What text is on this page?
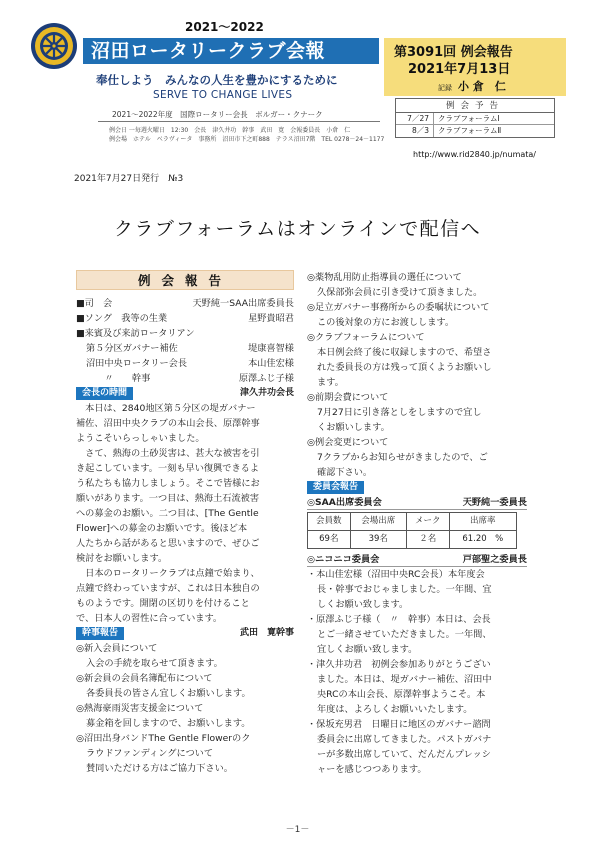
2021～2022
沼田ロータリークラブ会報
奉仕しよう　みんなの人生を豊かにするために
SERVE TO CHANGE LIVES
2021～2022年度　国際ロータリー会長　ボルガー・クナーク
例会日 一毎週火曜日　12:30　会長　津久井功　幹事　武田　寛　会報委員長　小倉　仁
例会場　ホテル　ベラヴィータ　事務所　沼田市下之町888　テラス沼田7階　TEL 0278－24－1177
第3091回 例会報告
2021年7月13日
記録 小 倉　仁
例会予告
7／27	クラブフォーラムⅠ
8／3	クラブフォーラムⅡ
http://www.rid2840.jp/numata/
2021年7月27日発行　№3
クラブフォーラムはオンラインで配信へ
例会報告
■司　会	天野純一SAA出席委員長
■ソング　我等の生業	星野貴昭君
■来賓及び来訪ロータリアン
第５分区ガバナー補佐	堤康喜智様
沼田中央ロータリー会長	本山佳宏様
　　〃　　幹事	原澤ふじ子様
会長の時間	津久井功会長
　本日は、2840地区第５分区の堤ガバナー
補佐、沼田中央クラブの本山会長、原澤幹事
ようこそいらっしゃいました。
　さて、熱海の土砂災害は、甚大な被害を引
き起こしています。一刻も早い復興できるよ
う私たちも協力しましょう。そこで皆様にお
願いがあります。一つ目は、熱海土石流被害
への募金のお願い。二つ目は、[The Gentle
Flower]への募金のお願いです。後ほど本
人たちから話があると思いますので、ぜひご
検討をお願いします。
　日本のロータリークラブは点鐘で始まり、
点鐘で終わっていますが、これは日本独自の
ものようです。開閉の区切りを付けること
で、日本人の習性に合っています。
幹事報告	武田　寛幹事
◎新入会員について
入会の手続を取らせて頂きます。
◎新会員の会員名簿配布について
各委員長の皆さん宜しくお願いします。
◎熱海豪雨災害支援金について
募金箱を回しますので、お願いします。
◎沼田出身バンドThe Gentle Flowerのク
ラウドファンディングについて
賛同いただける方はご協力下さい。
◎薬物乱用防止指導員の選任について
久保部弥会員に引き受けて頂きました。
◎足立ガバナー事務所からの委嘱状について
この後対象の方にお渡しします。
◎クラブフォーラムについて
本日例会終了後に収録しますので、希望さ
れた委員長の方は残って頂くようお願いし
ます。
◎前期会費について
7月27日に引き落としをしますので宜し
くお願いします。
◎例会変更について
7クラブからお知らせがきましたので、ご
確認下さい。
委員会報告
◎SAA出席委員会	天野純一委員長
会員数	会場出席	メーク	出席率
69名	39名	２名	61.20　%
◎ニコニコ委員会	戸部聖之委員長
・本山佳宏様（沼田中央RC会長）本年度会
長・幹事でおじゃましました。一年間、宜
しくお願い致します。
・原澤ふじ子様（　〃　幹事）本日は、会長
とご一緒させていただきました。一年間、
宜しくお願い致します。
・津久井功君　初例会参加ありがとうござい
ました。本日は、堤ガバナー補佐、沼田中
央RCの本山会長、原澤幹事ようこそ。本
年度は、よろしくお願いいたします。
・保坂充男君　日曜日に地区のガバナー諮問
委員会に出席してきました。パストガバナ
ーが多数出席していて、だんだんプレッシ
ャーを感じつつあります。
－1－
